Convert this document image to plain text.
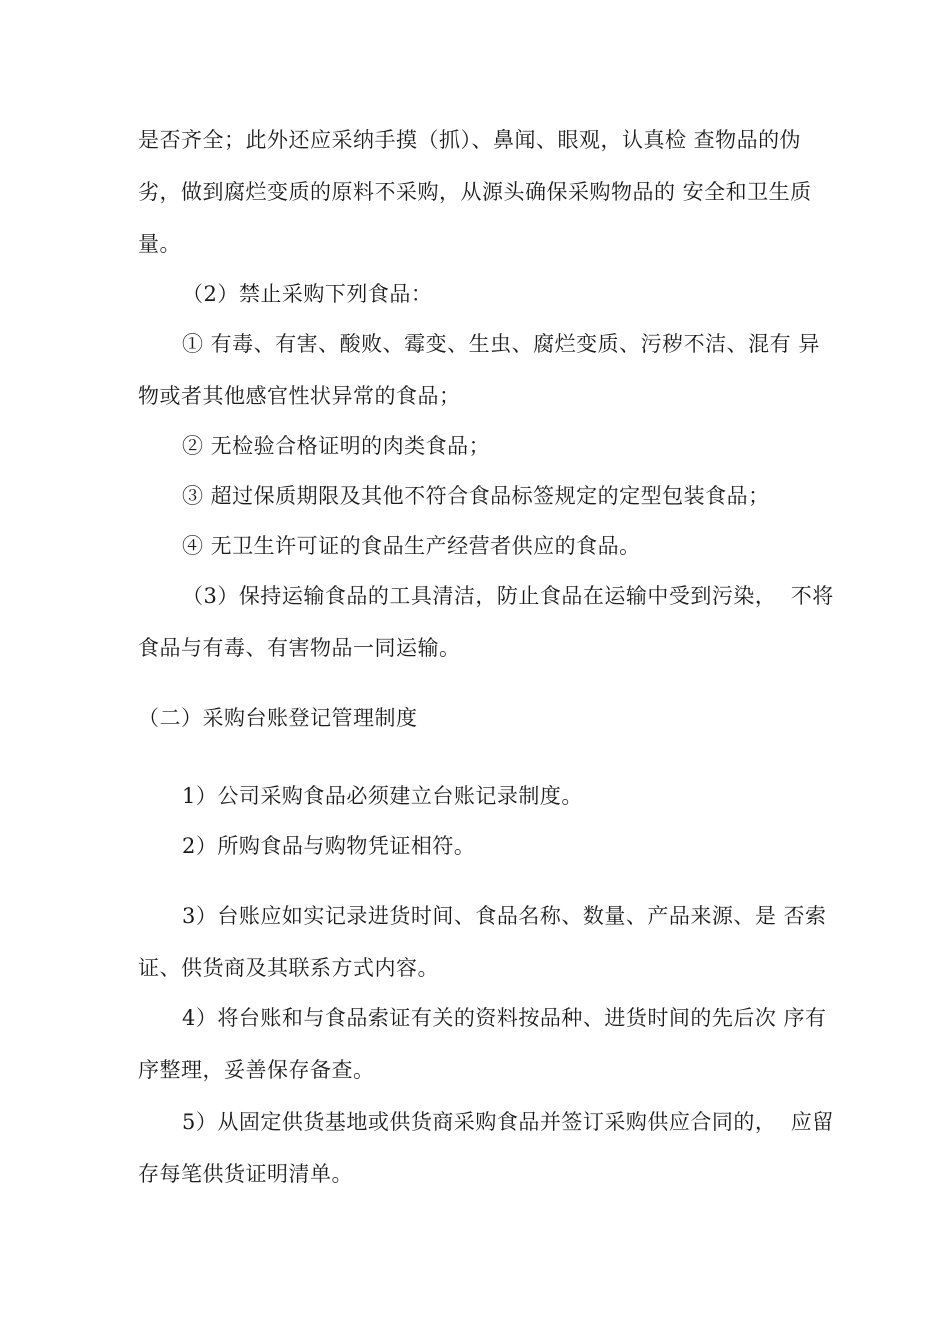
是否齐全；此外还应采纳手摸（抓）、鼻闻、眼观，认真检 查物品的伪
劣，做到腐烂变质的原料不采购，从源头确保采购物品的 安全和卫生质
量。
（2）禁止采购下列食品：
① 有毒、有害、酸败、霉变、生虫、腐烂变质、污秽不洁、混有 异
物或者其他感官性状异常的食品；
② 无检验合格证明的肉类食品；
③ 超过保质期限及其他不符合食品标签规定的定型包装食品；
④ 无卫生许可证的食品生产经营者供应的食品。
（3）保持运输食品的工具清洁，防止食品在运输中受到污染，  不将
食品与有毒、有害物品一同运输。
（二）采购台账登记管理制度
1）公司采购食品必须建立台账记录制度。
2）所购食品与购物凭证相符。
3）台账应如实记录进货时间、食品名称、数量、产品来源、是 否索
证、供货商及其联系方式内容。
4）将台账和与食品索证有关的资料按品种、进货时间的先后次 序有
序整理，妥善保存备查。
5）从固定供货基地或供货商采购食品并签订采购供应合同的，  应留
存每笔供货证明清单。
